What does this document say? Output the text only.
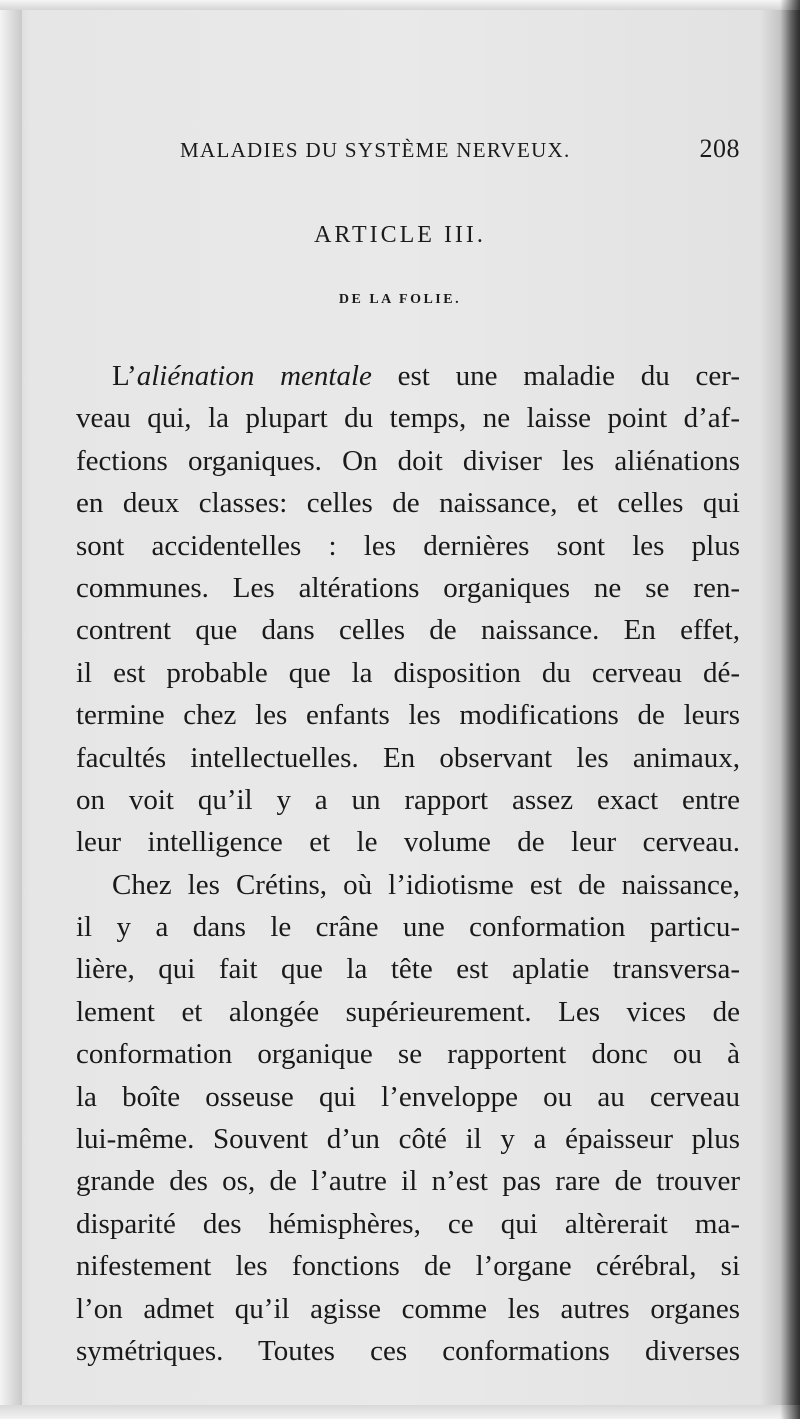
MALADIES DU SYSTÈME NERVEUX.	208
ARTICLE III.
DE LA FOLIE.
L’aliénation mentale est une maladie du cer-
veau qui, la plupart du temps, ne laisse point d’af-
fections organiques. On doit diviser les aliénations
en deux classes: celles de naissance, et celles qui
sont accidentelles : les dernières sont les plus
communes. Les altérations organiques ne se ren-
contrent que dans celles de naissance. En effet,
il est probable que la disposition du cerveau dé-
termine chez les enfants les modifications de leurs
facultés intellectuelles. En observant les animaux,
on voit qu’il y a un rapport assez exact entre
leur intelligence et le volume de leur cerveau.
Chez les Crétins, où l’idiotisme est de naissance,
il y a dans le crâne une conformation particu-
lière, qui fait que la tête est aplatie transversa-
lement et alongée supérieurement. Les vices de
conformation organique se rapportent donc ou à
la boîte osseuse qui l’enveloppe ou au cerveau
lui-même. Souvent d’un côté il y a épaisseur plus
grande des os, de l’autre il n’est pas rare de trouver
disparité des hémisphères, ce qui altèrerait ma-
nifestement les fonctions de l’organe cérébral, si
l’on admet qu’il agisse comme les autres organes
symétriques. Toutes ces conformations diverses
